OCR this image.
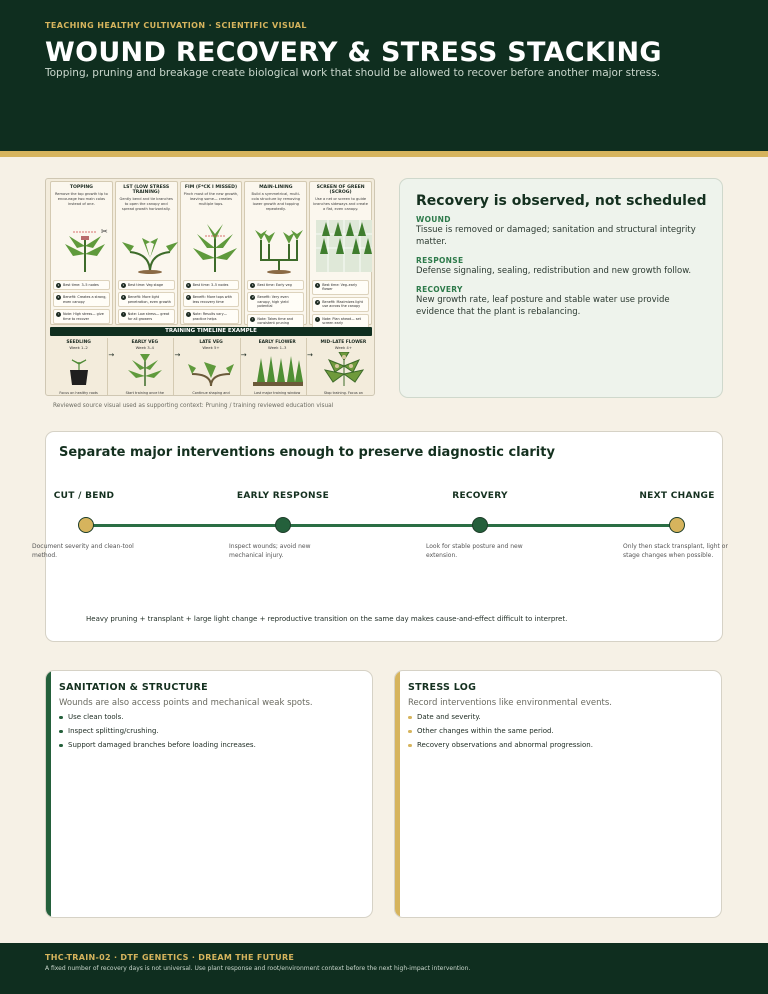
TEACHING HEALTHY CULTIVATION · SCIENTIFIC VISUAL
WOUND RECOVERY & STRESS STACKING
Topping, pruning and breakage create biological work that should be allowed to recover before another major stress.
TOPPING
Remove the top growth tip to encourage two main colas instead of one.
✂
1	Best time: 3–5 nodes
2	Benefit: Creates a strong, even canopy
!	Note: High stress— give time to recover
LST (LOW STRESS TRAINING)
Gently bend and tie branches to open the canopy and spread growth horizontally.
1	Best time: Veg stage
2	Benefit: More light penetration, even growth
!	Note: Low stress— great for all growers
FIM (F*CK I MISSED)
Pinch most of the new growth, leaving some— creates multiple tops.
1	Best time: 3–5 nodes
2	Benefit: More tops with less recovery time
!	Note: Results vary— practice helps
MAIN-LINING
Build a symmetrical, multi-cola structure by removing lower growth and topping repeatedly.
1	Best time: Early veg
2	Benefit: Very even canopy, high yield potential
!	Note: Takes time and consistent pruning
SCREEN OF GREEN (SCROG)
Use a net or screen to guide branches sideways and create a flat, even canopy.
1	Best time: Veg–early flower
2	Benefit: Maximizes light use across the canopy
!	Note: Plan ahead— set screen early
TRAINING TIMELINE EXAMPLE
SEEDLING
Week 1–2
Focus on healthy roots
→
EARLY VEG
Week 3–4
Start training once the
→
LATE VEG
Week 5+
Continue shaping and
→
EARLY FLOWER
Week 1–3
Last major training window
→
MID–LATE FLOWER
Week 4+
Stop training. Focus on
Reviewed source visual used as supporting context: Pruning / training reviewed education visual
Recovery is observed, not scheduled
WOUND
Tissue is removed or damaged; sanitation and structural integrity matter.
RESPONSE
Defense signaling, sealing, redistribution and new growth follow.
RECOVERY
New growth rate, leaf posture and stable water use provide evidence that the plant is rebalancing.
Separate major interventions enough to preserve diagnostic clarity
CUT / BEND	EARLY RESPONSE	RECOVERY	NEXT CHANGE
Document severity and clean-tool method.
Inspect wounds; avoid new mechanical injury.
Look for stable posture and new extension.
Only then stack transplant, light or stage changes when possible.
Heavy pruning + transplant + large light change + reproductive transition on the same day makes cause-and-effect difficult to interpret.
SANITATION & STRUCTURE
Wounds are also access points and mechanical weak spots.
Use clean tools.
Inspect splitting/crushing.
Support damaged branches before loading increases.
STRESS LOG
Record interventions like environmental events.
Date and severity.
Other changes within the same period.
Recovery observations and abnormal progression.
THC-TRAIN-02 · DTF GENETICS · DREAM THE FUTURE
A fixed number of recovery days is not universal. Use plant response and root/environment context before the next high-impact intervention.
